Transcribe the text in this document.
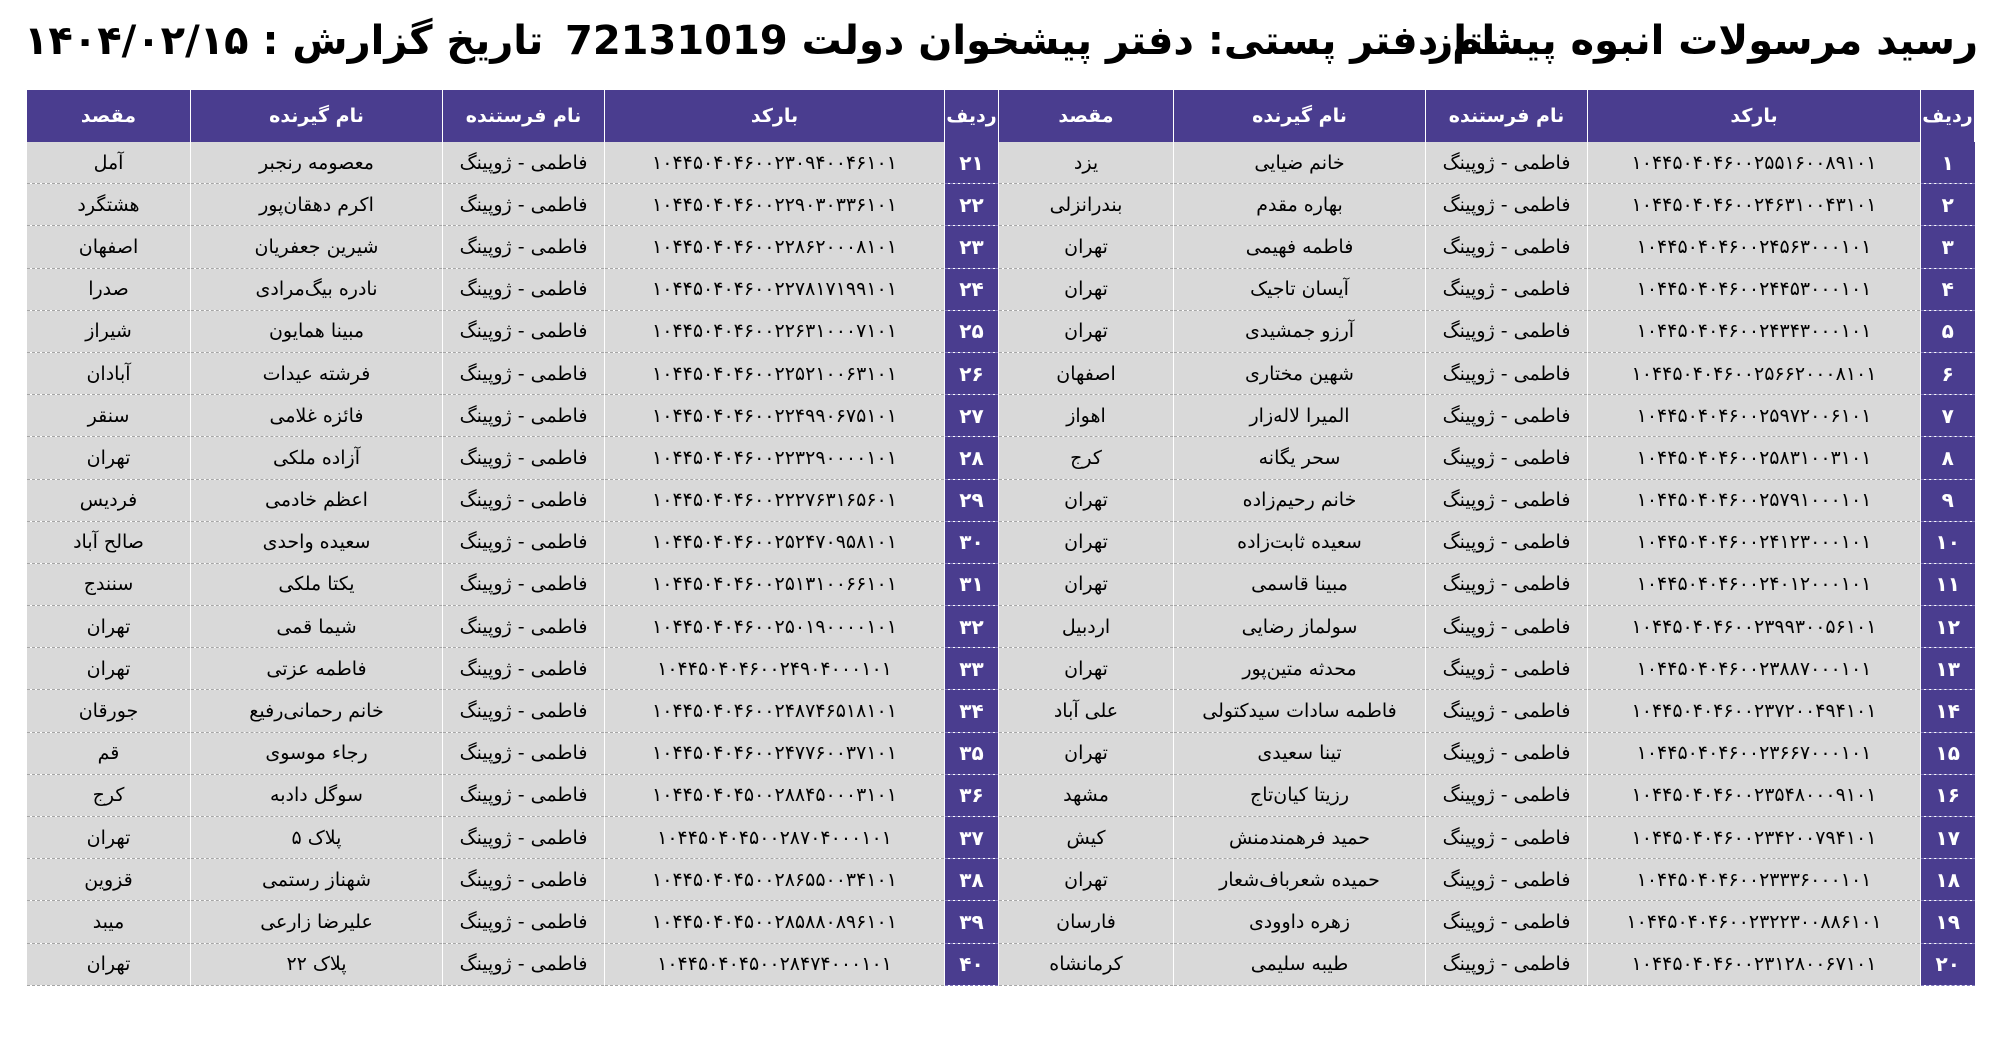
رسید مرسولات انبوه پیشتاز
نام دفتر پستی: دفتر پیشخوان دولت 72131019
تاریخ گزارش : ۱۴۰۴/۰۲/۱۵
ردیف	بارکد	نام فرستنده	نام گیرنده	مقصد	ردیف	بارکد	نام فرستنده	نام گیرنده	مقصد
۱	۱۰۴۴۵۰۴۰۴۶۰۰۲۵۵۱۶۰۰۸۹۱۰۱	فاطمی - ژوپینگ	خانم ضیایی	یزد	۲۱	۱۰۴۴۵۰۴۰۴۶۰۰۲۳۰۹۴۰۰۴۶۱۰۱	فاطمی - ژوپینگ	معصومه رنجبر	آمل
۲	۱۰۴۴۵۰۴۰۴۶۰۰۲۴۶۳۱۰۰۴۳۱۰۱	فاطمی - ژوپینگ	بهاره مقدم	بندرانزلی	۲۲	۱۰۴۴۵۰۴۰۴۶۰۰۲۲۹۰۳۰۳۳۶۱۰۱	فاطمی - ژوپینگ	اکرم دهقان‌پور	هشتگرد
۳	۱۰۴۴۵۰۴۰۴۶۰۰۲۴۵۶۳۰۰۰۱۰۱	فاطمی - ژوپینگ	فاطمه فهیمی	تهران	۲۳	۱۰۴۴۵۰۴۰۴۶۰۰۲۲۸۶۲۰۰۰۸۱۰۱	فاطمی - ژوپینگ	شیرین جعفریان	اصفهان
۴	۱۰۴۴۵۰۴۰۴۶۰۰۲۴۴۵۳۰۰۰۱۰۱	فاطمی - ژوپینگ	آیسان تاجیک	تهران	۲۴	۱۰۴۴۵۰۴۰۴۶۰۰۲۲۷۸۱۷۱۹۹۱۰۱	فاطمی - ژوپینگ	نادره بیگ‌مرادی	صدرا
۵	۱۰۴۴۵۰۴۰۴۶۰۰۲۴۳۴۳۰۰۰۱۰۱	فاطمی - ژوپینگ	آرزو جمشیدی	تهران	۲۵	۱۰۴۴۵۰۴۰۴۶۰۰۲۲۶۳۱۰۰۰۷۱۰۱	فاطمی - ژوپینگ	مبینا همایون	شیراز
۶	۱۰۴۴۵۰۴۰۴۶۰۰۲۵۶۶۲۰۰۰۸۱۰۱	فاطمی - ژوپینگ	شهین مختاری	اصفهان	۲۶	۱۰۴۴۵۰۴۰۴۶۰۰۲۲۵۲۱۰۰۶۳۱۰۱	فاطمی - ژوپینگ	فرشته عیدات	آبادان
۷	۱۰۴۴۵۰۴۰۴۶۰۰۲۵۹۷۲۰۰۶۱۰۱	فاطمی - ژوپینگ	المیرا لاله‌زار	اهواز	۲۷	۱۰۴۴۵۰۴۰۴۶۰۰۲۲۴۹۹۰۶۷۵۱۰۱	فاطمی - ژوپینگ	فائزه غلامی	سنقر
۸	۱۰۴۴۵۰۴۰۴۶۰۰۲۵۸۳۱۰۰۳۱۰۱	فاطمی - ژوپینگ	سحر یگانه	کرج	۲۸	۱۰۴۴۵۰۴۰۴۶۰۰۲۲۳۲۹۰۰۰۰۱۰۱	فاطمی - ژوپینگ	آزاده ملکی	تهران
۹	۱۰۴۴۵۰۴۰۴۶۰۰۲۵۷۹۱۰۰۰۱۰۱	فاطمی - ژوپینگ	خانم رحیم‌زاده	تهران	۲۹	۱۰۴۴۵۰۴۰۴۶۰۰۲۲۲۷۶۳۱۶۵۶۰۱	فاطمی - ژوپینگ	اعظم خادمی	فردیس
۱۰	۱۰۴۴۵۰۴۰۴۶۰۰۲۴۱۲۳۰۰۰۱۰۱	فاطمی - ژوپینگ	سعیده ثابت‌زاده	تهران	۳۰	۱۰۴۴۵۰۴۰۴۶۰۰۲۵۲۴۷۰۹۵۸۱۰۱	فاطمی - ژوپینگ	سعیده واحدی	صالح آباد
۱۱	۱۰۴۴۵۰۴۰۴۶۰۰۲۴۰۱۲۰۰۰۱۰۱	فاطمی - ژوپینگ	مبینا قاسمی	تهران	۳۱	۱۰۴۴۵۰۴۰۴۶۰۰۲۵۱۳۱۰۰۶۶۱۰۱	فاطمی - ژوپینگ	یکتا ملکی	سنندج
۱۲	۱۰۴۴۵۰۴۰۴۶۰۰۲۳۹۹۳۰۰۵۶۱۰۱	فاطمی - ژوپینگ	سولماز رضایی	اردبیل	۳۲	۱۰۴۴۵۰۴۰۴۶۰۰۲۵۰۱۹۰۰۰۰۱۰۱	فاطمی - ژوپینگ	شیما قمی	تهران
۱۳	۱۰۴۴۵۰۴۰۴۶۰۰۲۳۸۸۷۰۰۰۱۰۱	فاطمی - ژوپینگ	محدثه متین‌پور	تهران	۳۳	۱۰۴۴۵۰۴۰۴۶۰۰۲۴۹۰۴۰۰۰۱۰۱	فاطمی - ژوپینگ	فاطمه عزتی	تهران
۱۴	۱۰۴۴۵۰۴۰۴۶۰۰۲۳۷۲۰۰۴۹۴۱۰۱	فاطمی - ژوپینگ	فاطمه سادات سیدکتولی	علی آباد	۳۴	۱۰۴۴۵۰۴۰۴۶۰۰۲۴۸۷۴۶۵۱۸۱۰۱	فاطمی - ژوپینگ	خانم رحمانی‌رفیع	جورقان
۱۵	۱۰۴۴۵۰۴۰۴۶۰۰۲۳۶۶۷۰۰۰۱۰۱	فاطمی - ژوپینگ	تینا سعیدی	تهران	۳۵	۱۰۴۴۵۰۴۰۴۶۰۰۲۴۷۷۶۰۰۳۷۱۰۱	فاطمی - ژوپینگ	رجاء موسوی	قم
۱۶	۱۰۴۴۵۰۴۰۴۶۰۰۲۳۵۴۸۰۰۰۹۱۰۱	فاطمی - ژوپینگ	رزیتا کیان‌تاج	مشهد	۳۶	۱۰۴۴۵۰۴۰۴۵۰۰۲۸۸۴۵۰۰۰۳۱۰۱	فاطمی - ژوپینگ	سوگل دادبه	کرج
۱۷	۱۰۴۴۵۰۴۰۴۶۰۰۲۳۴۲۰۰۷۹۴۱۰۱	فاطمی - ژوپینگ	حمید فرهمندمنش	کیش	۳۷	۱۰۴۴۵۰۴۰۴۵۰۰۲۸۷۰۴۰۰۰۱۰۱	فاطمی - ژوپینگ	پلاک ۵	تهران
۱۸	۱۰۴۴۵۰۴۰۴۶۰۰۲۳۳۳۶۰۰۰۱۰۱	فاطمی - ژوپینگ	حمیده شعرباف‌شعار	تهران	۳۸	۱۰۴۴۵۰۴۰۴۵۰۰۲۸۶۵۵۰۰۳۴۱۰۱	فاطمی - ژوپینگ	شهناز رستمی	قزوین
۱۹	۱۰۴۴۵۰۴۰۴۶۰۰۲۳۲۲۳۰۰۸۸۶۱۰۱	فاطمی - ژوپینگ	زهره داوودی	فارسان	۳۹	۱۰۴۴۵۰۴۰۴۵۰۰۲۸۵۸۸۰۸۹۶۱۰۱	فاطمی - ژوپینگ	علیرضا زارعی	میبد
۲۰	۱۰۴۴۵۰۴۰۴۶۰۰۲۳۱۲۸۰۰۶۷۱۰۱	فاطمی - ژوپینگ	طیبه سلیمی	کرمانشاه	۴۰	۱۰۴۴۵۰۴۰۴۵۰۰۲۸۴۷۴۰۰۰۱۰۱	فاطمی - ژوپینگ	پلاک ۲۲	تهران
